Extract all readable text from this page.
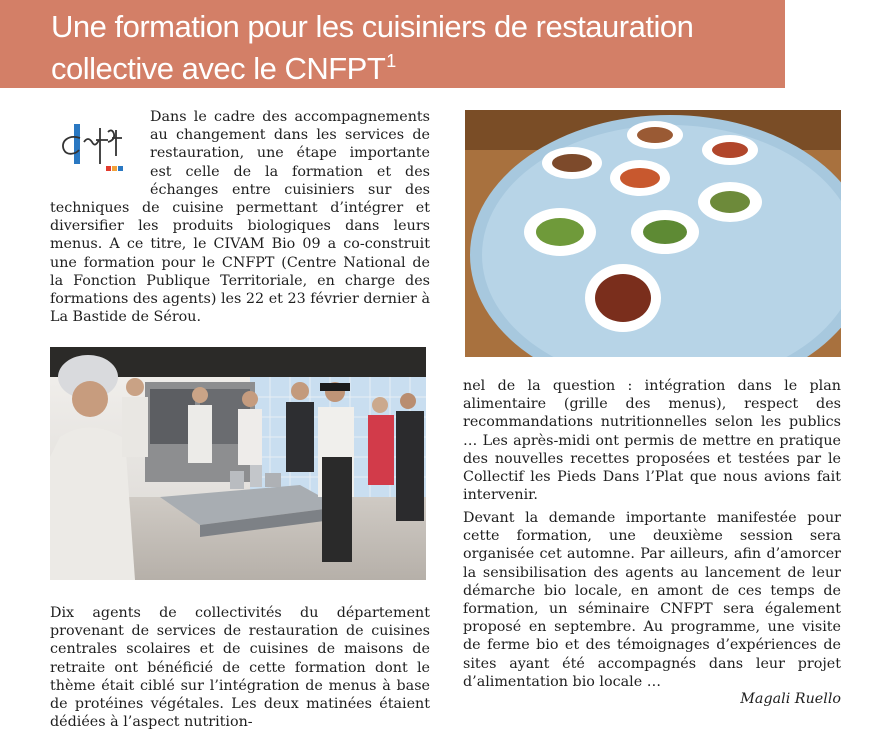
Une formation pour les cuisiniers de restauration collective avec le CNFPT$^1$

Dans le cadre des accompagnements au changement dans les services de restauration, une étape importante est celle de la formation et des échanges entre cuisiniers sur des techniques de cuisine permettant d’intégrer et diversifier les produits biologiques dans leurs menus. A ce titre, le CIVAM Bio 09 a co-construit une formation pour le CNFPT (Centre National de la Fonction Publique Territoriale, en charge des formations des agents) les 22 et 23 février dernier à La Bastide de Sérou.

Dix agents de collectivités du département provenant de services de restauration de cuisines centrales scolaires et de cuisines de maisons de retraite ont bénéficié de cette formation dont le thème était ciblé sur l’intégration de menus à base de protéines végétales. Les deux matinées étaient dédiées à l’aspect nutrition-

nel de la question : intégration dans le plan alimentaire (grille des menus), respect des recommandations nutritionnelles selon les publics … Les après-midi ont permis de mettre en pratique des nouvelles recettes proposées et testées par le Collectif les Pieds Dans l’Plat que nous avions fait intervenir.

Devant la demande importante manifestée pour cette formation, une deuxième session sera organisée cet automne. Par ailleurs, afin d’amorcer la sensibilisation des agents au lancement de leur démarche bio locale, en amont de ces temps de formation, un séminaire CNFPT sera également proposé en septembre. Au programme, une visite de ferme bio et des témoignages d’expériences de sites ayant été accompagnés dans leur projet d’alimentation bio locale …

Magali Ruello
